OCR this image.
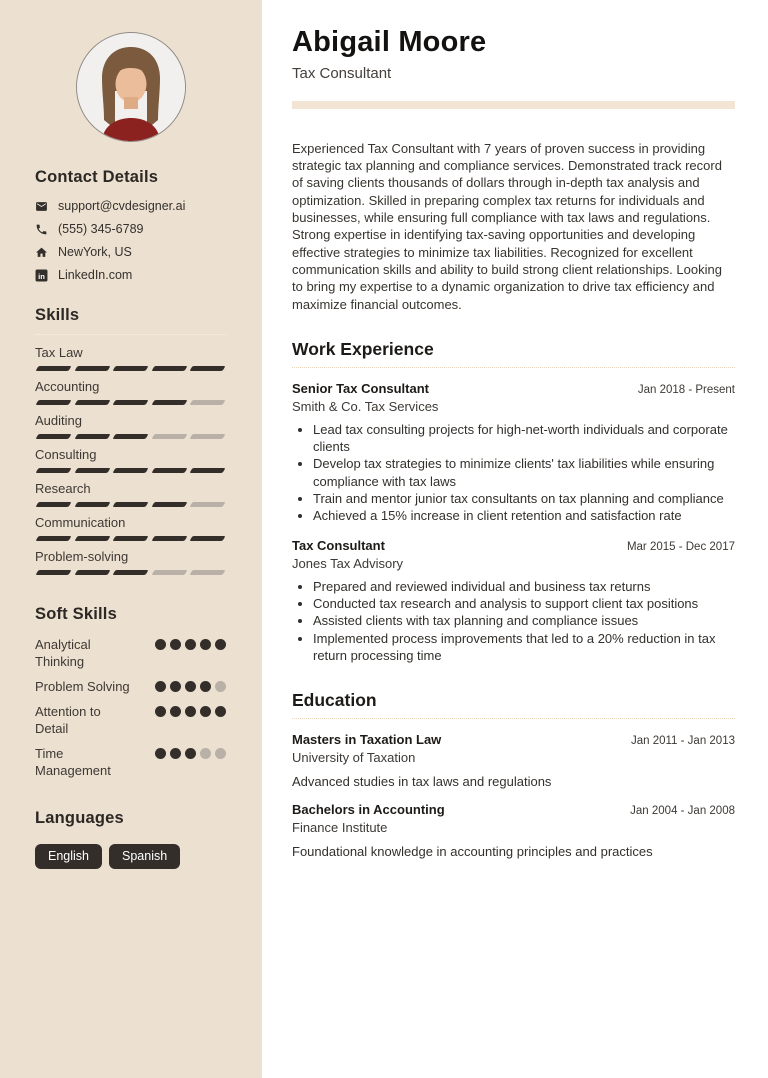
Contact Details
support@cvdesigner.ai
(555) 345-6789
NewYork, US
in LinkedIn.com
Skills
Tax Law
Accounting
Auditing
Consulting
Research
Communication
Problem-solving
Soft Skills
Analytical Thinking
Problem Solving
Attention to Detail
Time Management
Languages
English	Spanish
Abigail Moore
Tax Consultant

Experienced Tax Consultant with 7 years of proven success in providing strategic tax planning and compliance services. Demonstrated track record of saving clients thousands of dollars through in-depth tax analysis and optimization. Skilled in preparing complex tax returns for individuals and businesses, while ensuring full compliance with tax laws and regulations. Strong expertise in identifying tax-saving opportunities and developing effective strategies to minimize tax liabilities. Recognized for excellent communication skills and ability to build strong client relationships. Looking to bring my expertise to a dynamic organization to drive tax efficiency and maximize financial outcomes.

Work Experience
Senior Tax Consultant	Jan 2018 - Present
Smith & Co. Tax Services
• Lead tax consulting projects for high-net-worth individuals and corporate clients
• Develop tax strategies to minimize clients' tax liabilities while ensuring compliance with tax laws
• Train and mentor junior tax consultants on tax planning and compliance
• Achieved a 15% increase in client retention and satisfaction rate
Tax Consultant	Mar 2015 - Dec 2017
Jones Tax Advisory
• Prepared and reviewed individual and business tax returns
• Conducted tax research and analysis to support client tax positions
• Assisted clients with tax planning and compliance issues
• Implemented process improvements that led to a 20% reduction in tax return processing time
Education
Masters in Taxation Law	Jan 2011 - Jan 2013
University of Taxation
Advanced studies in tax laws and regulations
Bachelors in Accounting	Jan 2004 - Jan 2008
Finance Institute
Foundational knowledge in accounting principles and practices
